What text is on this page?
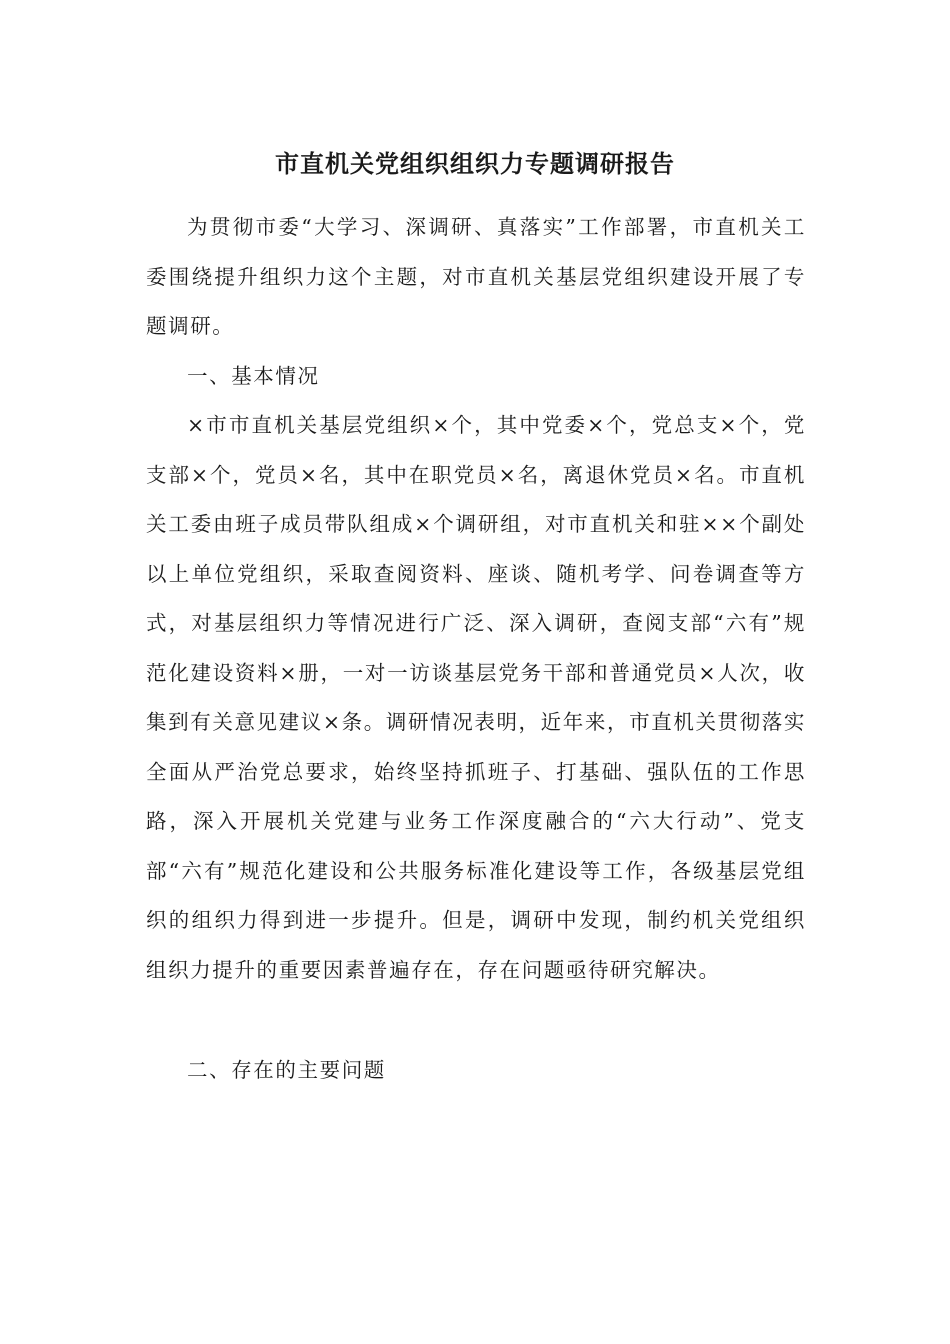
市直机关党组织组织力专题调研报告

为贯彻市委“大学习、深调研、真落实”工作部署，市直机关工委围绕提升组织力这个主题，对市直机关基层党组织建设开展了专题调研。

一、基本情况

×市市直机关基层党组织×个，其中党委×个，党总支×个，党支部×个，党员×名，其中在职党员×名，离退休党员×名。市直机关工委由班子成员带队组成×个调研组，对市直机关和驻××个副处以上单位党组织，采取查阅资料、座谈、随机考学、问卷调查等方式，对基层组织力等情况进行广泛、深入调研，查阅支部“六有”规范化建设资料×册，一对一访谈基层党务干部和普通党员×人次，收集到有关意见建议×条。调研情况表明，近年来，市直机关贯彻落实全面从严治党总要求，始终坚持抓班子、打基础、强队伍的工作思路，深入开展机关党建与业务工作深度融合的“六大行动”、党支部“六有”规范化建设和公共服务标准化建设等工作，各级基层党组织的组织力得到进一步提升。但是，调研中发现，制约机关党组织组织力提升的重要因素普遍存在，存在问题亟待研究解决。

二、存在的主要问题
